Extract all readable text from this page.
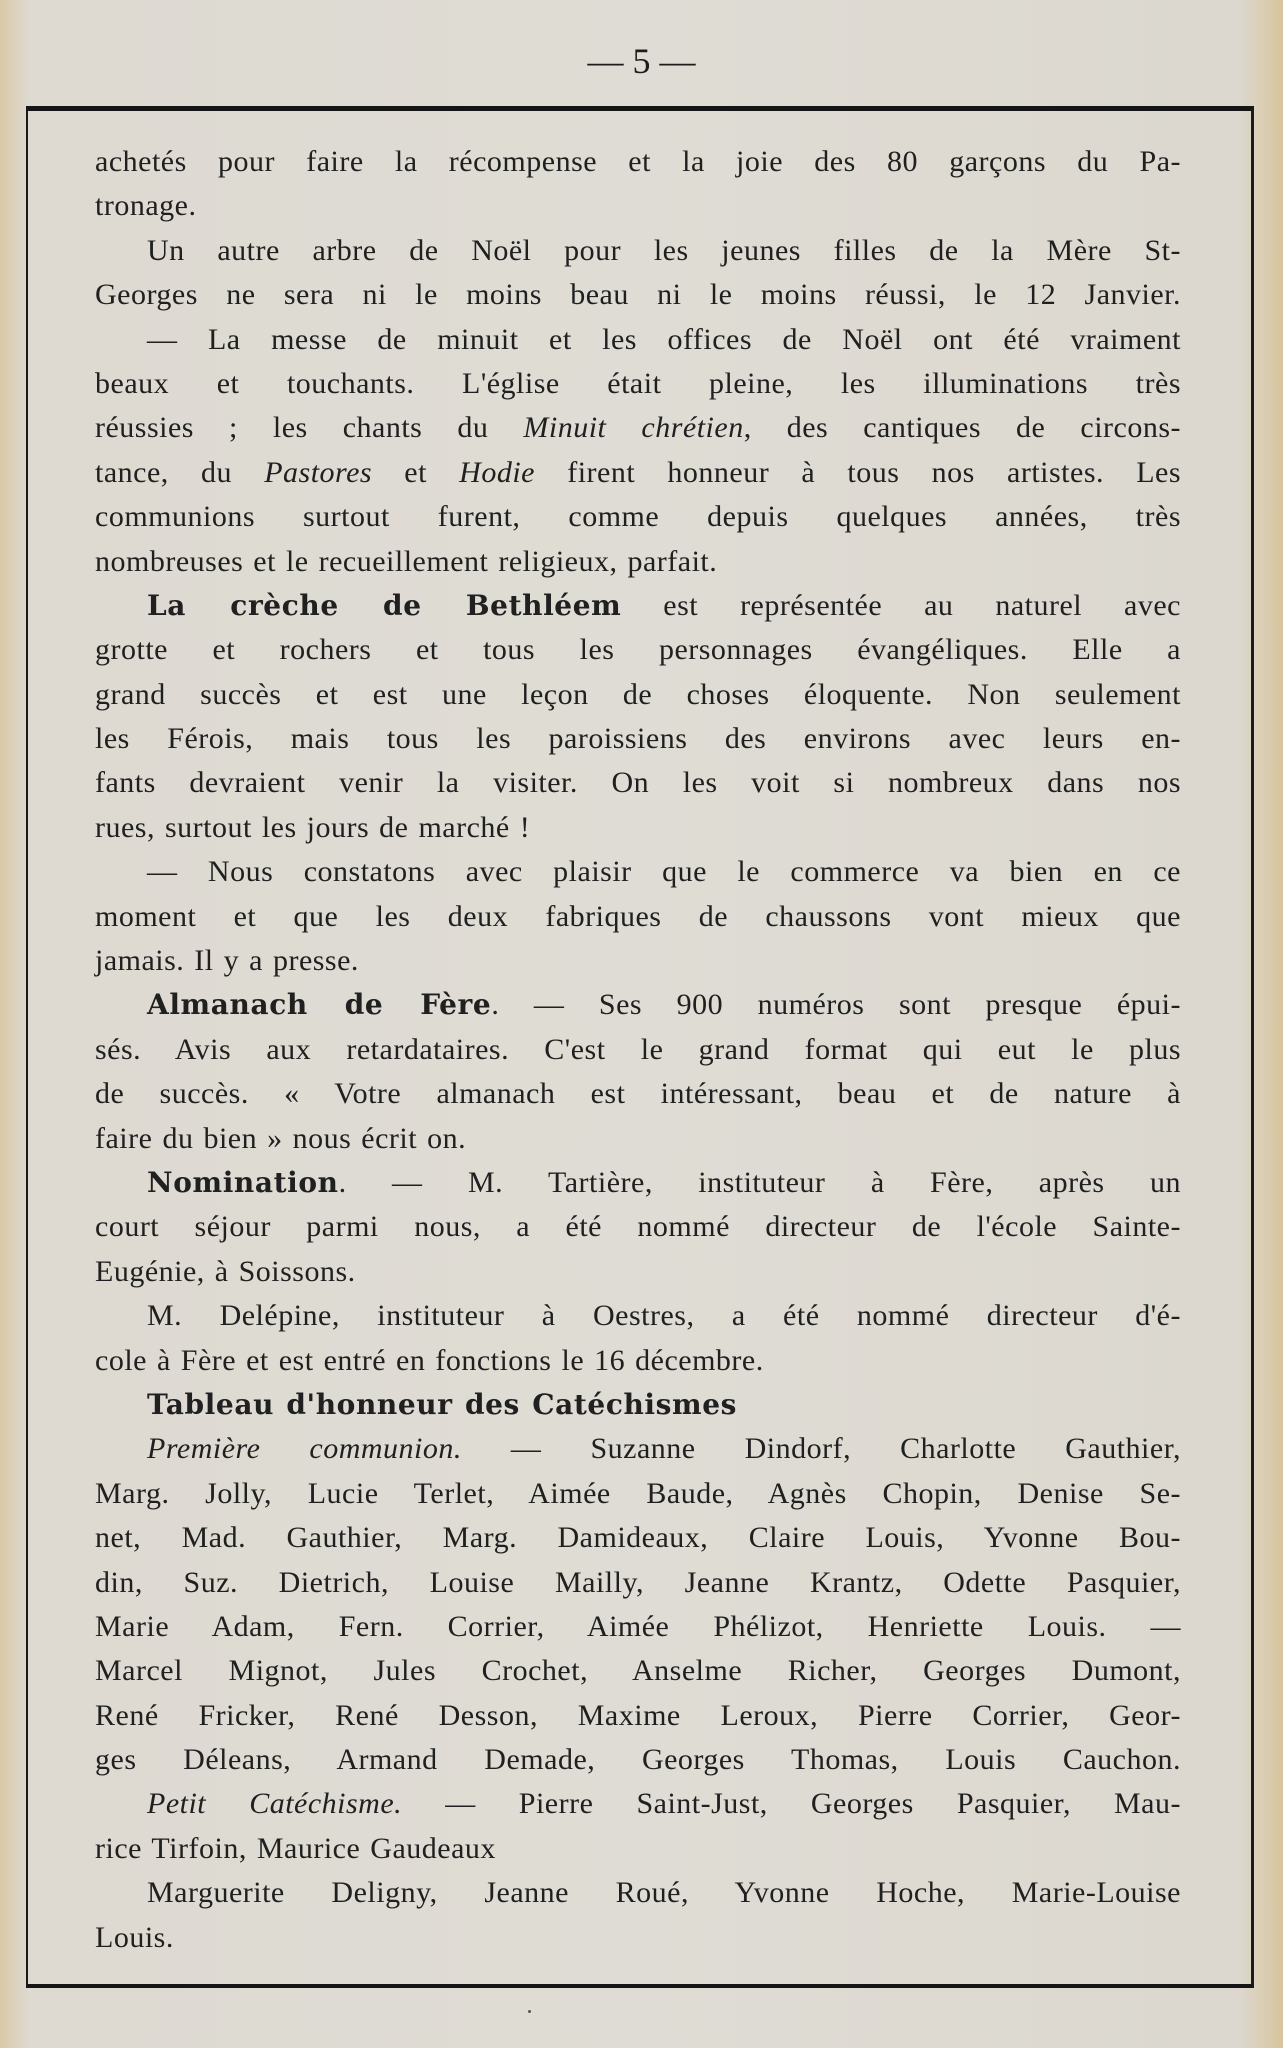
— 5 —
achetés pour faire la récompense et la joie des 80 garçons du Pa-
tronage.
Un autre arbre de Noël pour les jeunes filles de la Mère St-
Georges ne sera ni le moins beau ni le moins réussi, le 12 Janvier.
— La messe de minuit et les offices de Noël ont été vraiment
beaux et touchants. L'église était pleine, les illuminations très
réussies ; les chants du Minuit chrétien, des cantiques de circons-
tance, du Pastores et Hodie firent honneur à tous nos artistes. Les
communions surtout furent, comme depuis quelques années, très
nombreuses et le recueillement religieux, parfait.
La crèche de Bethléem est représentée au naturel avec
grotte et rochers et tous les personnages évangéliques. Elle a
grand succès et est une leçon de choses éloquente. Non seulement
les Férois, mais tous les paroissiens des environs avec leurs en-
fants devraient venir la visiter. On les voit si nombreux dans nos
rues, surtout les jours de marché !
— Nous constatons avec plaisir que le commerce va bien en ce
moment et que les deux fabriques de chaussons vont mieux que
jamais. Il y a presse.
Almanach de Fère. — Ses 900 numéros sont presque épui-
sés. Avis aux retardataires. C'est le grand format qui eut le plus
de succès. « Votre almanach est intéressant, beau et de nature à
faire du bien » nous écrit on.
Nomination. — M. Tartière, instituteur à Fère, après un
court séjour parmi nous, a été nommé directeur de l'école Sainte-
Eugénie, à Soissons.
M. Delépine, instituteur à Oestres, a été nommé directeur d'é-
cole à Fère et est entré en fonctions le 16 décembre.
Tableau d'honneur des Catéchismes
Première communion. — Suzanne Dindorf, Charlotte Gauthier,
Marg. Jolly, Lucie Terlet, Aimée Baude, Agnès Chopin, Denise Se-
net, Mad. Gauthier, Marg. Damideaux, Claire Louis, Yvonne Bou-
din, Suz. Dietrich, Louise Mailly, Jeanne Krantz, Odette Pasquier,
Marie Adam, Fern. Corrier, Aimée Phélizot, Henriette Louis. —
Marcel Mignot, Jules Crochet, Anselme Richer, Georges Dumont,
René Fricker, René Desson, Maxime Leroux, Pierre Corrier, Geor-
ges Déleans, Armand Demade, Georges Thomas, Louis Cauchon.
Petit Catéchisme. — Pierre Saint-Just, Georges Pasquier, Mau-
rice Tirfoin, Maurice Gaudeaux
Marguerite Deligny, Jeanne Roué, Yvonne Hoche, Marie-Louise
Louis.
